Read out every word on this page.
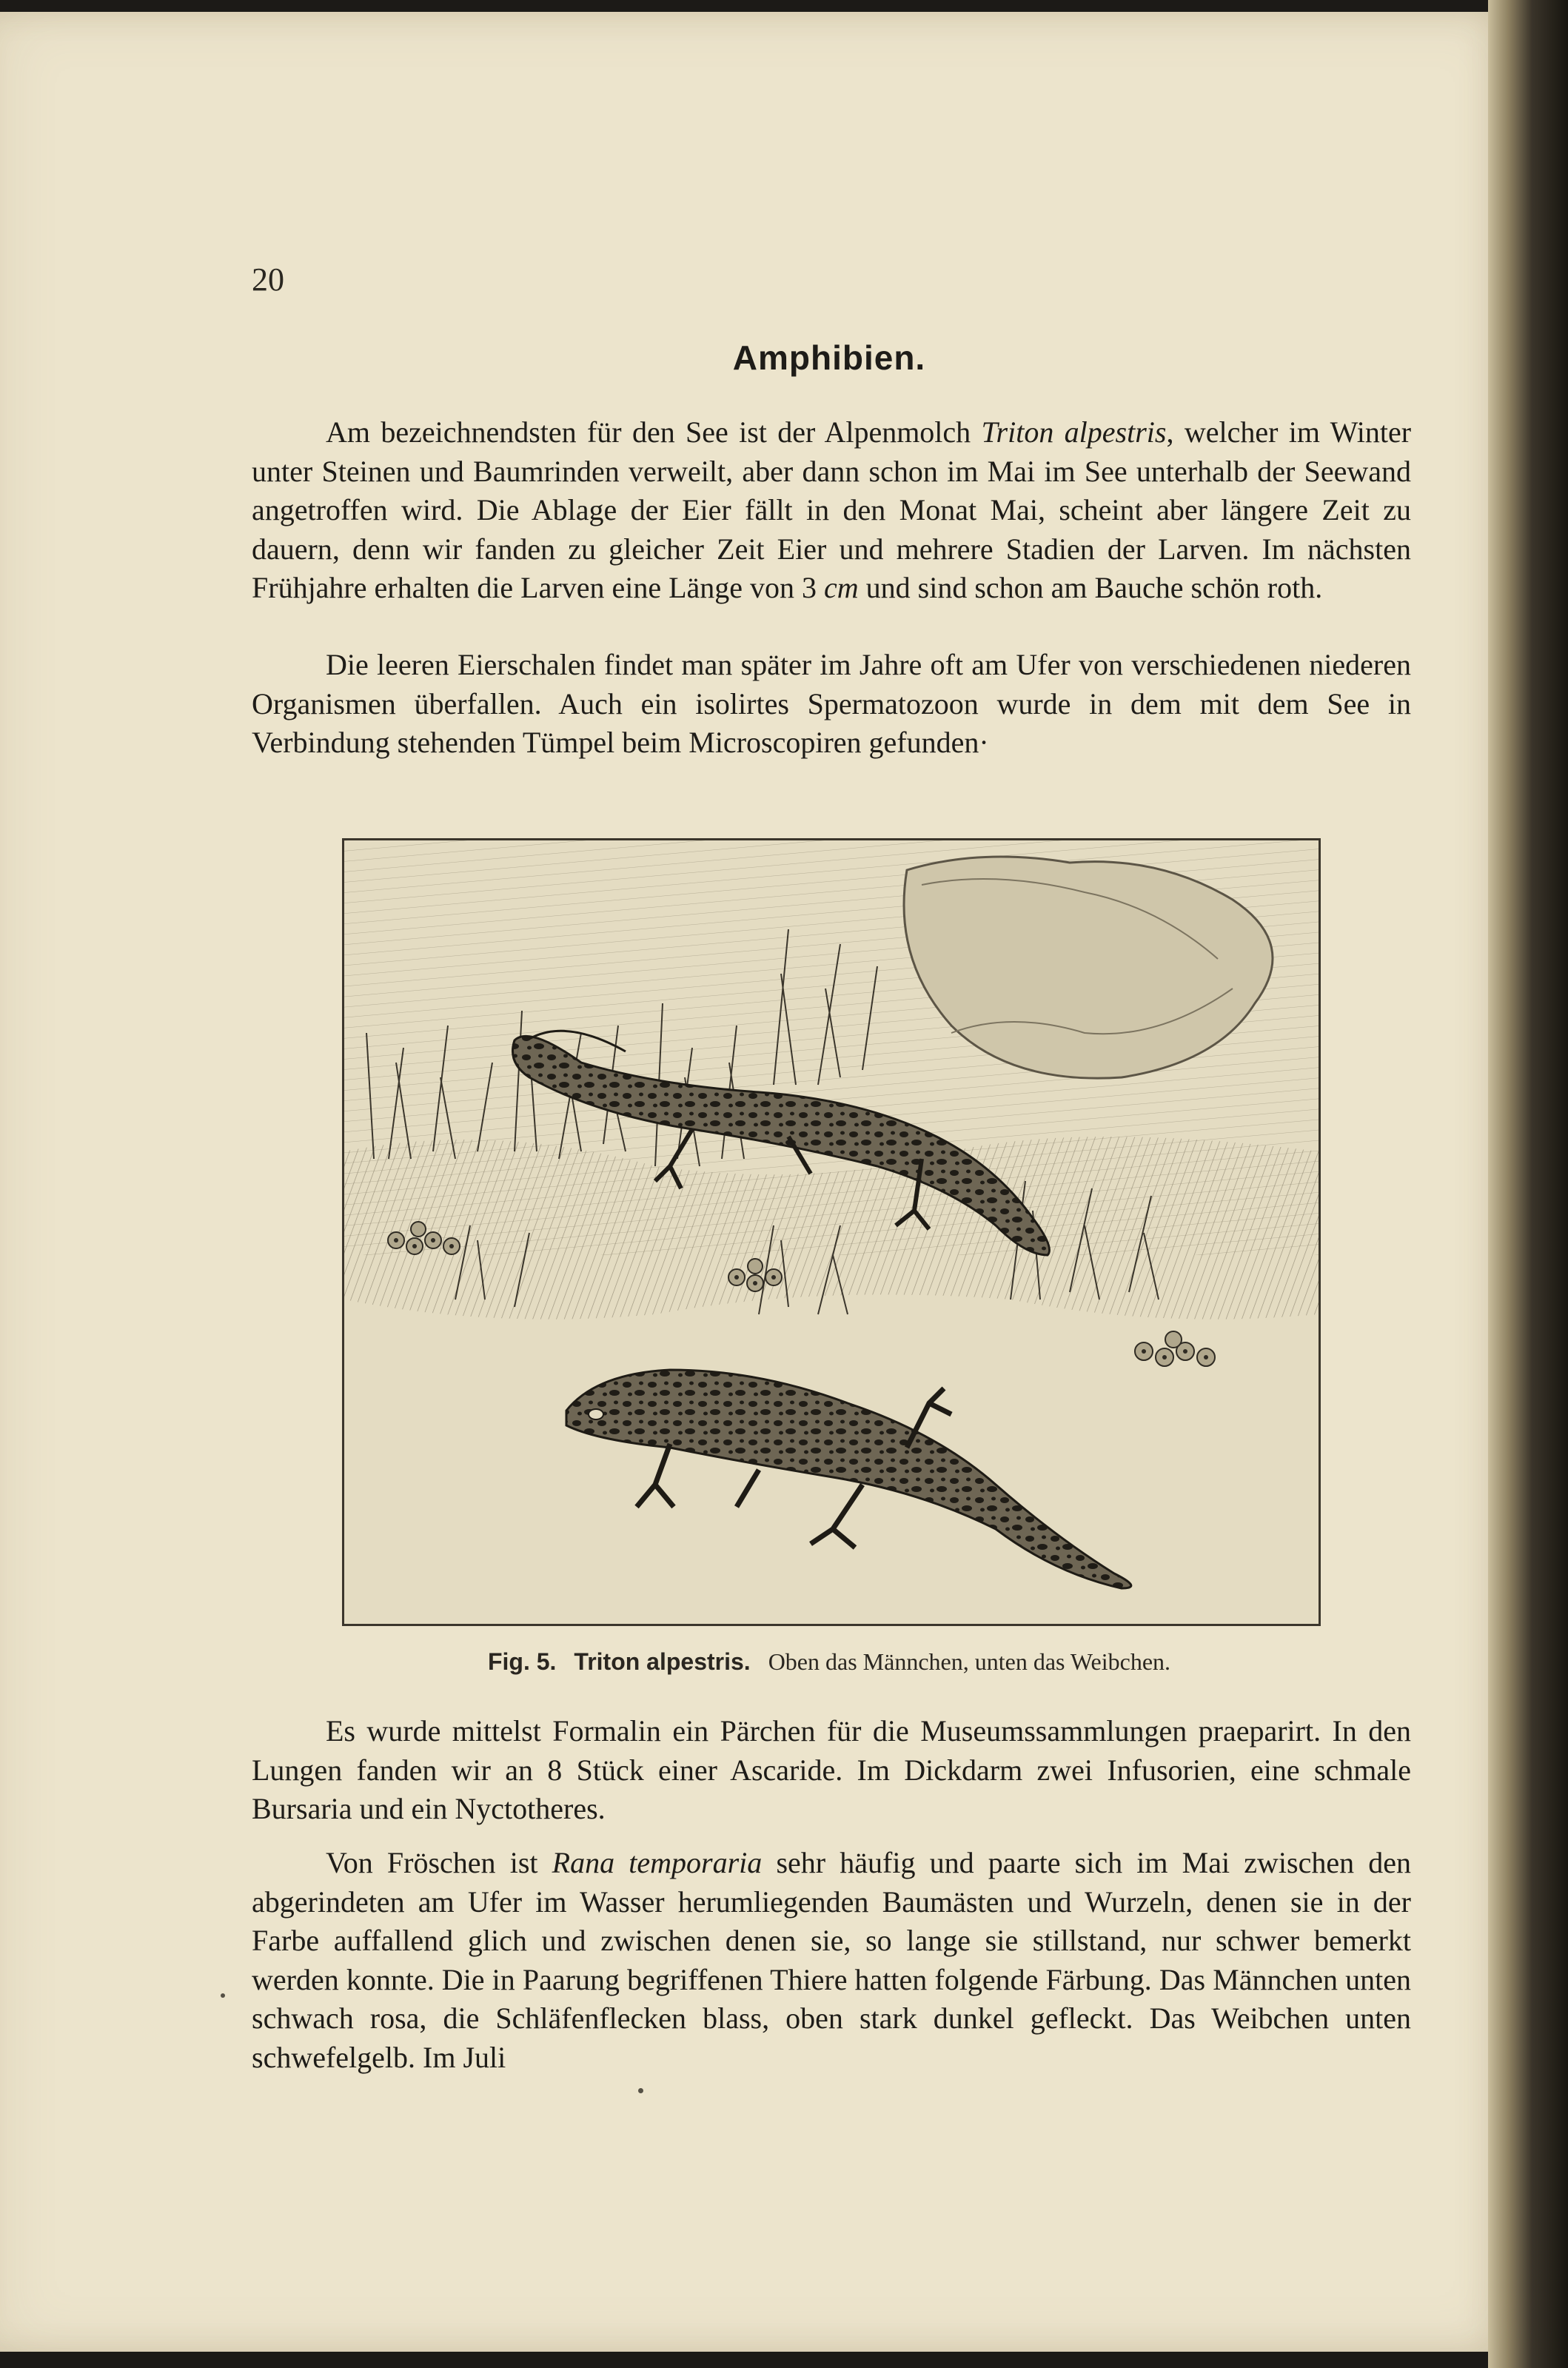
20
Amphibien.

Am bezeichnendsten für den See ist der Alpenmolch Triton alpestris, welcher im Winter unter Steinen und Baumrinden verweilt, aber dann schon im Mai im See unterhalb der Seewand angetroffen wird. Die Ablage der Eier fällt in den Monat Mai, scheint aber längere Zeit zu dauern, denn wir fanden zu gleicher Zeit Eier und mehrere Stadien der Larven. Im nächsten Frühjahre erhalten die Larven eine Länge von 3 cm und sind schon am Bauche schön roth.

Die leeren Eierschalen findet man später im Jahre oft am Ufer von verschiedenen niederen Organismen überfallen. Auch ein isolirtes Spermatozoon wurde in dem mit dem See in Verbindung stehenden Tümpel beim Microscopiren gefunden·

Fig. 5. Triton alpestris. Oben das Männchen, unten das Weibchen.

Es wurde mittelst Formalin ein Pärchen für die Museumssammlungen praeparirt. In den Lungen fanden wir an 8 Stück einer Ascaride. Im Dickdarm zwei Infusorien, eine schmale Bursaria und ein Nyctotheres.

Von Fröschen ist Rana temporaria sehr häufig und paarte sich im Mai zwischen den abgerindeten am Ufer im Wasser herumliegenden Baumästen und Wurzeln, denen sie in der Farbe auffallend glich und zwischen denen sie, so lange sie stillstand, nur schwer bemerkt werden konnte. Die in Paarung begriffenen Thiere hatten folgende Färbung. Das Männchen unten schwach rosa, die Schläfenflecken blass, oben stark dunkel gefleckt. Das Weibchen unten schwefelgelb. Im Juli
